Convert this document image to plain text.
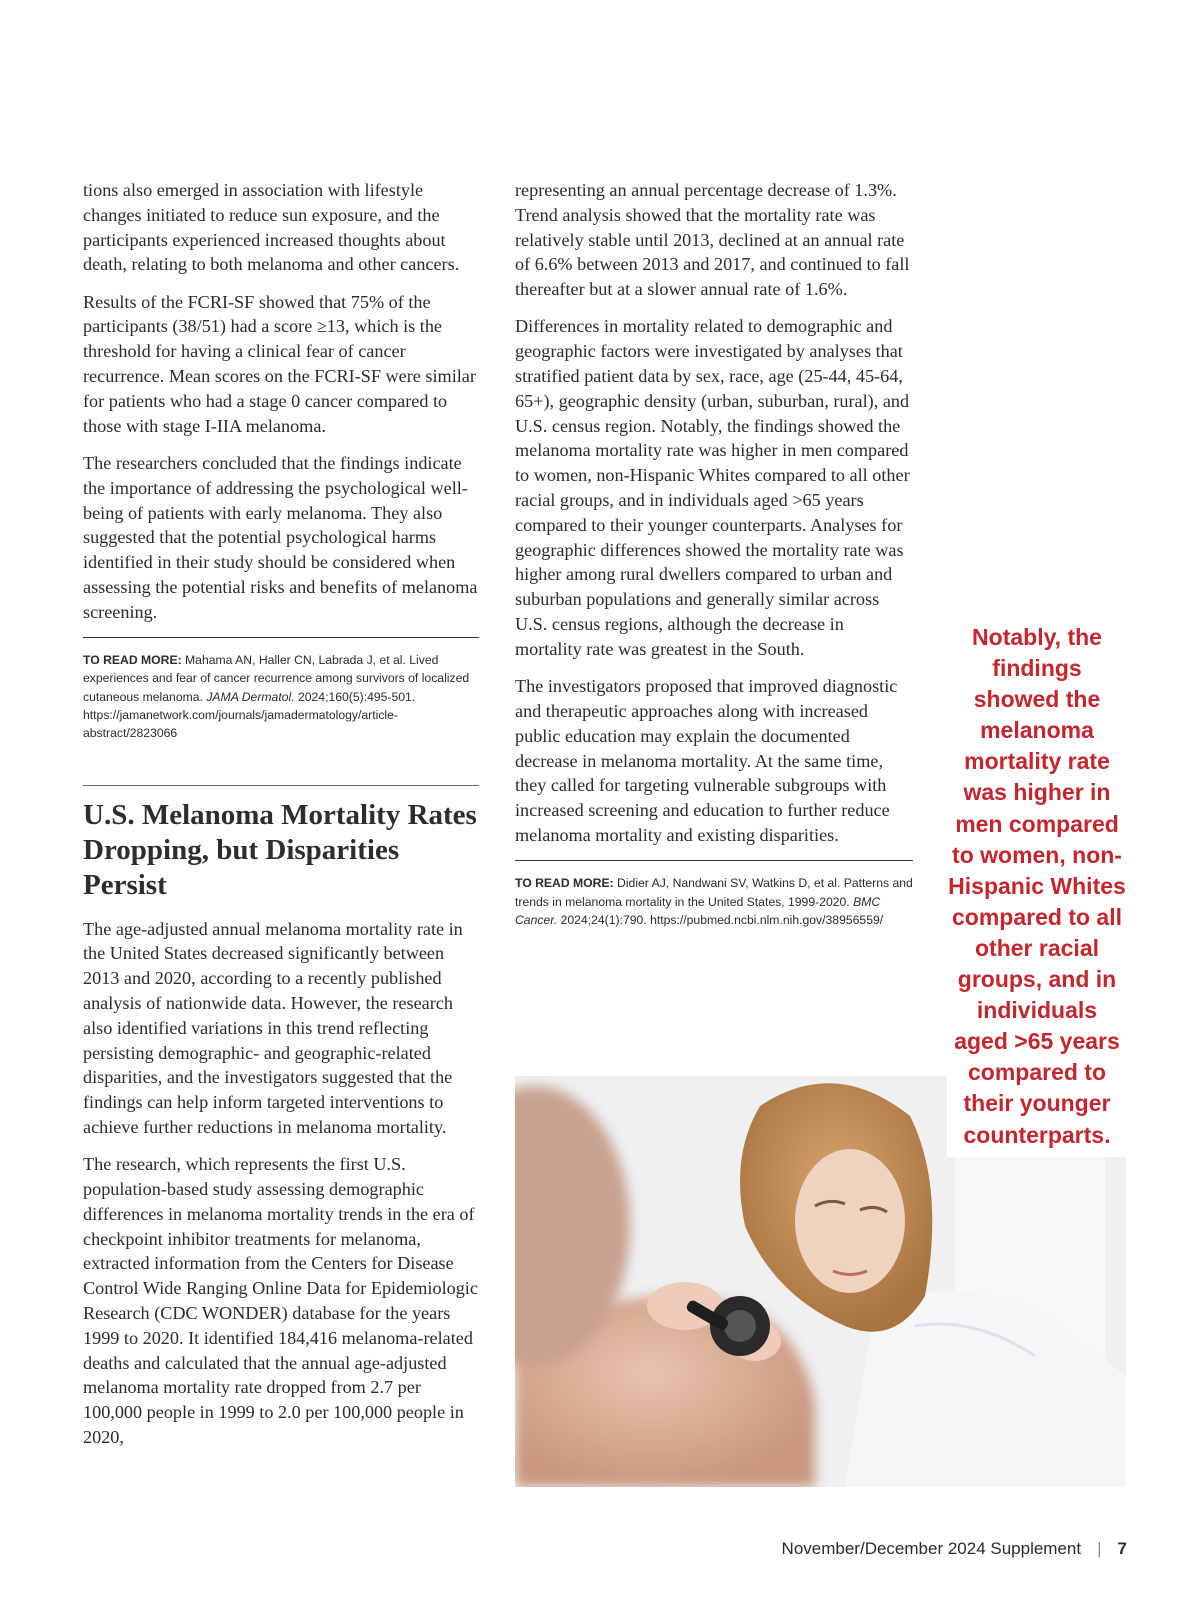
tions also emerged in association with lifestyle changes initiated to reduce sun exposure, and the participants experienced increased thoughts about death, relating to both melanoma and other cancers.

Results of the FCRI-SF showed that 75% of the participants (38/51) had a score ≥13, which is the threshold for having a clinical fear of cancer recurrence. Mean scores on the FCRI-SF were similar for patients who had a stage 0 cancer compared to those with stage I-IIA melanoma.

The researchers concluded that the findings indicate the importance of addressing the psychological well-being of patients with early melanoma. They also suggested that the potential psychological harms identified in their study should be considered when assessing the potential risks and benefits of melanoma screening.

TO READ MORE: Mahama AN, Haller CN, Labrada J, et al. Lived experiences and fear of cancer recurrence among survivors of localized cutaneous melanoma. JAMA Dermatol. 2024;160(5):495-501. https://jamanetwork.com/journals/jamadermatology/article-abstract/2823066

U.S. Melanoma Mortality Rates Dropping, but Disparities Persist

The age-adjusted annual melanoma mortality rate in the United States decreased significantly between 2013 and 2020, according to a recently published analysis of nationwide data. However, the research also identified variations in this trend reflecting persisting demographic- and geographic-related disparities, and the investigators suggested that the findings can help inform targeted interventions to achieve further reductions in melanoma mortality.

The research, which represents the first U.S. population-based study assessing demographic differences in melanoma mortality trends in the era of checkpoint inhibitor treatments for melanoma, extracted information from the Centers for Disease Control Wide Ranging Online Data for Epidemiologic Research (CDC WONDER) database for the years 1999 to 2020. It identified 184,416 melanoma-related deaths and calculated that the annual age-adjusted melanoma mortality rate dropped from 2.7 per 100,000 people in 1999 to 2.0 per 100,000 people in 2020,

representing an annual percentage decrease of 1.3%. Trend analysis showed that the mortality rate was relatively stable until 2013, declined at an annual rate of 6.6% between 2013 and 2017, and continued to fall thereafter but at a slower annual rate of 1.6%.

Differences in mortality related to demographic and geographic factors were investigated by analyses that stratified patient data by sex, race, age (25-44, 45-64, 65+), geographic density (urban, suburban, rural), and U.S. census region. Notably, the findings showed the melanoma mortality rate was higher in men compared to women, non-Hispanic Whites compared to all other racial groups, and in individuals aged >65 years compared to their younger counterparts. Analyses for geographic differences showed the mortality rate was higher among rural dwellers compared to urban and suburban populations and generally similar across U.S. census regions, although the decrease in mortality rate was greatest in the South.

The investigators proposed that improved diagnostic and therapeutic approaches along with increased public education may explain the documented decrease in melanoma mortality. At the same time, they called for targeting vulnerable subgroups with increased screening and education to further reduce melanoma mortality and existing disparities.

TO READ MORE: Didier AJ, Nandwani SV, Watkins D, et al. Patterns and trends in melanoma mortality in the United States, 1999-2020. BMC Cancer. 2024;24(1):790. https://pubmed.ncbi.nlm.nih.gov/38956559/

Notably, the findings showed the melanoma mortality rate was higher in men compared to women, non-Hispanic Whites compared to all other racial groups, and in individuals aged >65 years compared to their younger counterparts.
November/December 2024 Supplement | 7
